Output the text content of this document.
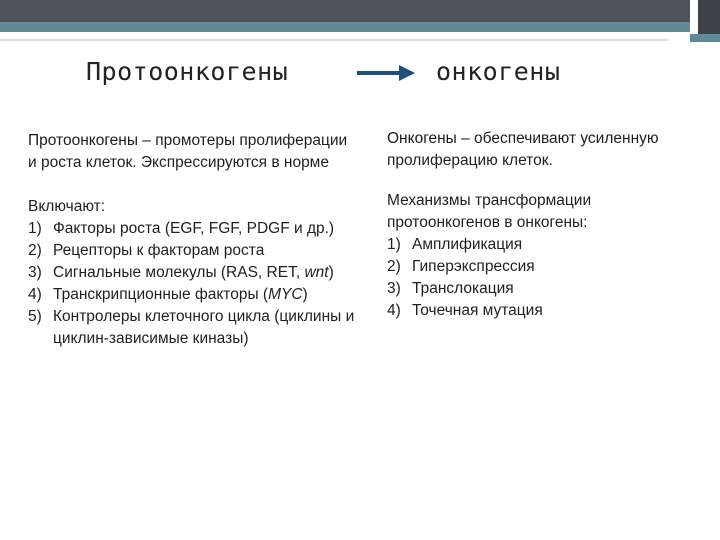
Протоонкогены	онкогены

Протоонкогены – промотеры пролиферации и роста клеток. Экспрессируются в норме

Включают:

1) Факторы роста (EGF, FGF, PDGF и др.)
2) Рецепторы к факторам роста
3) Сигнальные молекулы (RAS, RET, wnt)
4) Транскрипционные факторы (MYC)
5) Контролеры клеточного цикла (циклины и циклин-зависимые киназы)

Онкогены – обеспечивают усиленную пролиферацию клеток.

Механизмы трансформации протоонкогенов в онкогены:

1) Амплификация
2) Гиперэкспрессия
3) Транслокация
4) Точечная мутация
